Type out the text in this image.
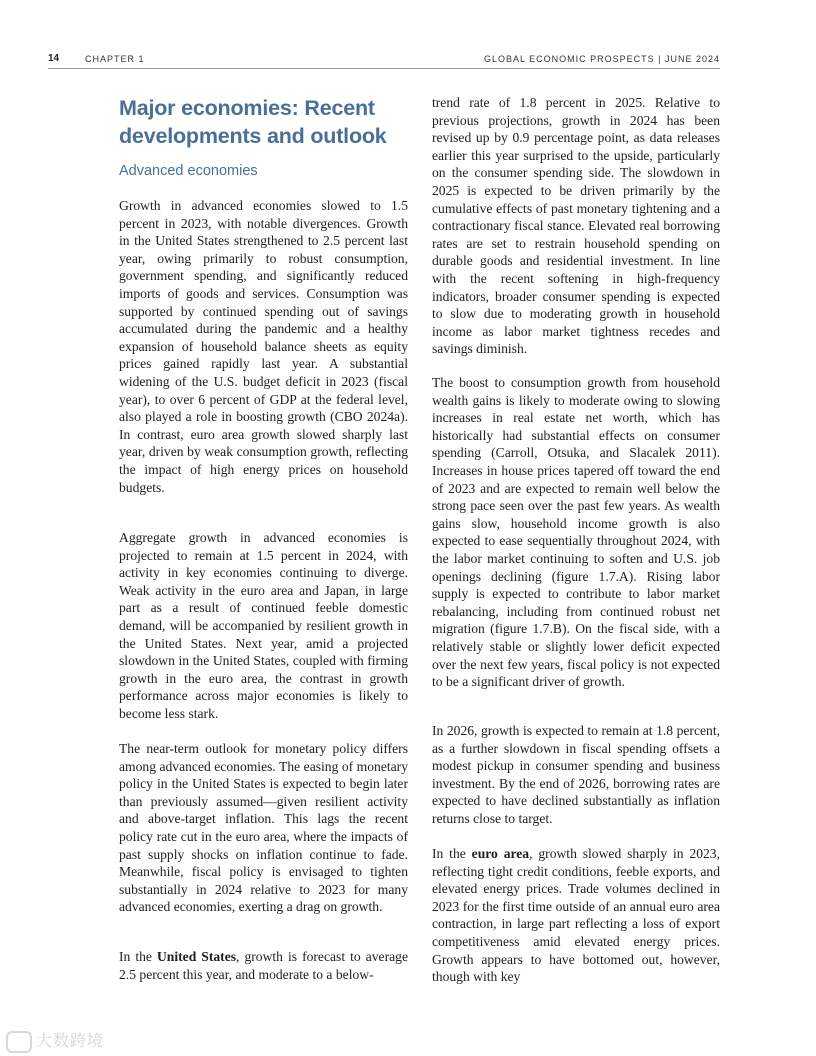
14	CHAPTER 1	GLOBAL ECONOMIC PROSPECTS | JUNE 2024
Major economies: Recent developments and outlook
Advanced economies

Growth in advanced economies slowed to 1.5 percent in 2023, with notable divergences. Growth in the United States strengthened to 2.5 percent last year, owing primarily to robust consumption, government spending, and significantly reduced imports of goods and services. Consumption was supported by continued spending out of savings accumulated during the pandemic and a healthy expansion of household balance sheets as equity prices gained rapidly last year. A substantial widening of the U.S. budget deficit in 2023 (fiscal year), to over 6 percent of GDP at the federal level, also played a role in boosting growth (CBO 2024a). In contrast, euro area growth slowed sharply last year, driven by weak consumption growth, reflecting the impact of high energy prices on household budgets.

Aggregate growth in advanced economies is projected to remain at 1.5 percent in 2024, with activity in key economies continuing to diverge. Weak activity in the euro area and Japan, in large part as a result of continued feeble domestic demand, will be accompanied by resilient growth in the United States. Next year, amid a projected slowdown in the United States, coupled with firming growth in the euro area, the contrast in growth performance across major economies is likely to become less stark.

The near-term outlook for monetary policy differs among advanced economies. The easing of monetary policy in the United States is expected to begin later than previously assumed—given resilient activity and above-target inflation. This lags the recent policy rate cut in the euro area, where the impacts of past supply shocks on inflation continue to fade. Meanwhile, fiscal policy is envisaged to tighten substantially in 2024 relative to 2023 for many advanced economies, exerting a drag on growth.

In the United States, growth is forecast to average 2.5 percent this year, and moderate to a below-

trend rate of 1.8 percent in 2025. Relative to previous projections, growth in 2024 has been revised up by 0.9 percentage point, as data releases earlier this year surprised to the upside, particularly on the consumer spending side. The slowdown in 2025 is expected to be driven primarily by the cumulative effects of past monetary tightening and a contractionary fiscal stance. Elevated real borrowing rates are set to restrain household spending on durable goods and residential investment. In line with the recent softening in high-frequency indicators, broader consumer spending is expected to slow due to moderating growth in household income as labor market tightness recedes and savings diminish.

The boost to consumption growth from household wealth gains is likely to moderate owing to slowing increases in real estate net worth, which has historically had substantial effects on consumer spending (Carroll, Otsuka, and Slacalek 2011). Increases in house prices tapered off toward the end of 2023 and are expected to remain well below the strong pace seen over the past few years. As wealth gains slow, household income growth is also expected to ease sequentially throughout 2024, with the labor market continuing to soften and U.S. job openings declining (figure 1.7.A). Rising labor supply is expected to contribute to labor market rebalancing, including from continued robust net migration (figure 1.7.B). On the fiscal side, with a relatively stable or slightly lower deficit expected over the next few years, fiscal policy is not expected to be a significant driver of growth.

In 2026, growth is expected to remain at 1.8 percent, as a further slowdown in fiscal spending offsets a modest pickup in consumer spending and business investment. By the end of 2026, borrowing rates are expected to have declined substantially as inflation returns close to target.

In the euro area, growth slowed sharply in 2023, reflecting tight credit conditions, feeble exports, and elevated energy prices. Trade volumes declined in 2023 for the first time outside of an annual euro area contraction, in large part reflecting a loss of export competitiveness amid elevated energy prices. Growth appears to have bottomed out, however, though with key

大数跨境
